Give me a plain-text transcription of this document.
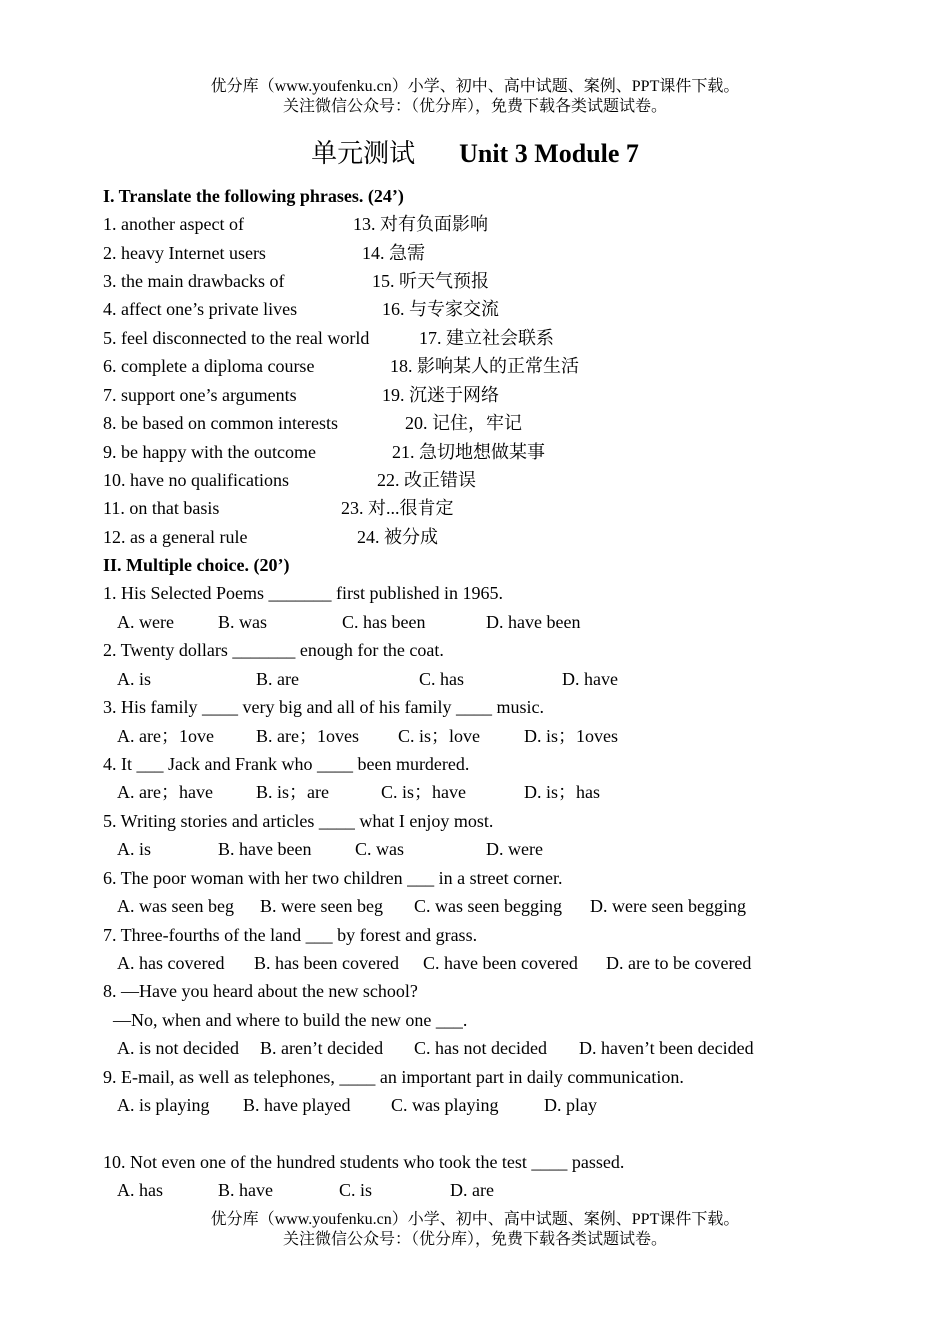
优分库（www.youfenku.cn）小学、初中、高中试题、案例、PPT课件下载。
关注微信公众号：（优分库），免费下载各类试题试卷。
单元测试 Unit 3 Module 7
I. Translate the following phrases. (24’)
1. another aspect of	13. 对有负面影响
2. heavy Internet users	14. 急需
3. the main drawbacks of	15. 听天气预报
4. affect one’s private lives	16. 与专家交流
5. feel disconnected to the real world	17. 建立社会联系
6. complete a diploma course	18. 影响某人的正常生活
7. support one’s arguments	19. 沉迷于网络
8. be based on common interests	20. 记住，牢记
9. be happy with the outcome	21. 急切地想做某事
10. have no qualifications	22. 改正错误
11. on that basis	23. 对...很肯定
12. as a general rule	24. 被分成
II. Multiple choice. (20’)
1. His Selected Poems _______ first published in 1965.
A. were B. was	C. has been	D. have been
2. Twenty dollars _______ enough for the coat.
A. is	B. are	C. has	D. have
3. His family ____ very big and all of his family ____ music.
A. are；1ove B. are；1oves C. is；love D. is；1oves
4. It ___ Jack and Frank who ____ been murdered.
A. are；have B. is；are	C. is；have	D. is；has
5. Writing stories and articles ____ what I enjoy most.
A. is	B. have been C. was	D. were
6. The poor woman with her two children ___ in a street corner.
A. was seen beg B. were seen beg C. was seen begging D. were seen begging
7. Three-fourths of the land ___ by forest and grass.
A. has covered B. has been covered C. have been covered D. are to be covered
8. —Have you heard about the new school?
—No, when and where to build the new one ___.
A. is not decided B. aren’t decided C. has not decided D. haven’t been decided
9. E-mail, as well as telephones, ____ an important part in daily communication.
A. is playing B. have played C. was playing	D. play
10. Not even one of the hundred students who took the test ____ passed.
A. has	B. have	C. is	D. are
优分库（www.youfenku.cn）小学、初中、高中试题、案例、PPT课件下载。
关注微信公众号：（优分库），免费下载各类试题试卷。
